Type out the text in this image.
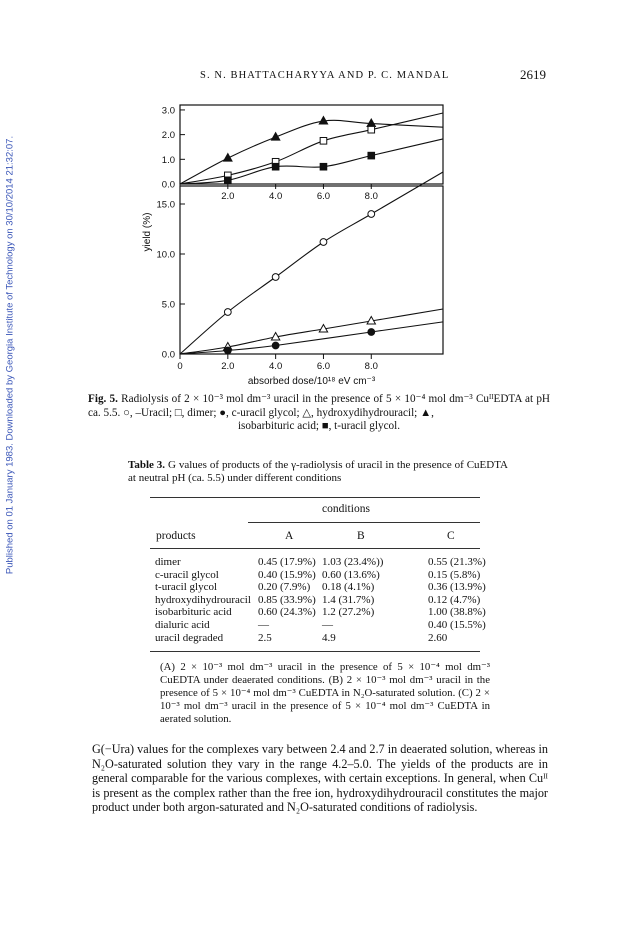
Published on 01 January 1983. Downloaded by Georgia Institute of Technology on 30/10/2014 21:32:07.
S. N. BHATTACHARYYA AND P. C. MANDAL	2619
0.0
1.0
2.0
3.0
2.0	4.0	6.0	8.0
0.0
5.0
10.0
15.0
0	2.0	4.0	6.0	8.0
yield (%)
absorbed dose/10¹⁸ eV cm⁻³
Fig. 5. Radiolysis of 2 × 10⁻³ mol dm⁻³ uracil in the presence of 5 × 10⁻⁴ mol dm⁻³ CuᴵᴵEDTA at pH ca. 5.5. ○, –Uracil; □, dimer; ●, c-uracil glycol; △, hydroxydihydrouracil; ▲,
isobarbituric acid; ■, t-uracil glycol.
Table 3. G values of products of the γ-radiolysis of uracil in the presence of CuEDTA at neutral pH (ca. 5.5) under different conditions
conditions
products	A	B	C
dimer	0.45 (17.9%) 1.03 (23.4%))	0.55 (21.3%)
c-uracil glycol	0.40 (15.9%) 0.60 (13.6%)	0.15 (5.8%)
t-uracil glycol	0.20 (7.9%) 0.18 (4.1%)	0.36 (13.9%)
hydroxydihydrouracil 0.85 (33.9%) 1.4 (31.7%)	0.12 (4.7%)
isobarbituric acid 0.60 (24.3%) 1.2 (27.2%)	1.00 (38.8%)
dialuric acid	—	—	0.40 (15.5%)
uracil degraded	2.5	4.9	2.60
(A) 2 × 10⁻³ mol dm⁻³ uracil in the presence of 5 × 10⁻⁴ mol dm⁻³ CuEDTA under deaerated conditions. (B) 2 × 10⁻³ mol dm⁻³ uracil in the presence of 5 × 10⁻⁴ mol dm⁻³ CuEDTA in N₂O-saturated solution. (C) 2 × 10⁻³ mol dm⁻³ uracil in the presence of 5 × 10⁻⁴ mol dm⁻³ CuEDTA in aerated solution.
G(−Ura) values for the complexes vary between 2.4 and 2.7 in deaerated solution, whereas in N₂O-saturated solution they vary in the range 4.2–5.0. The yields of the products are in general comparable for the various complexes, with certain exceptions. In general, when Cuᴵᴵ is present as the complex rather than the free ion, hydroxydihydrouracil constitutes the major product under both argon-saturated and N₂O-saturated conditions of radiolysis.
